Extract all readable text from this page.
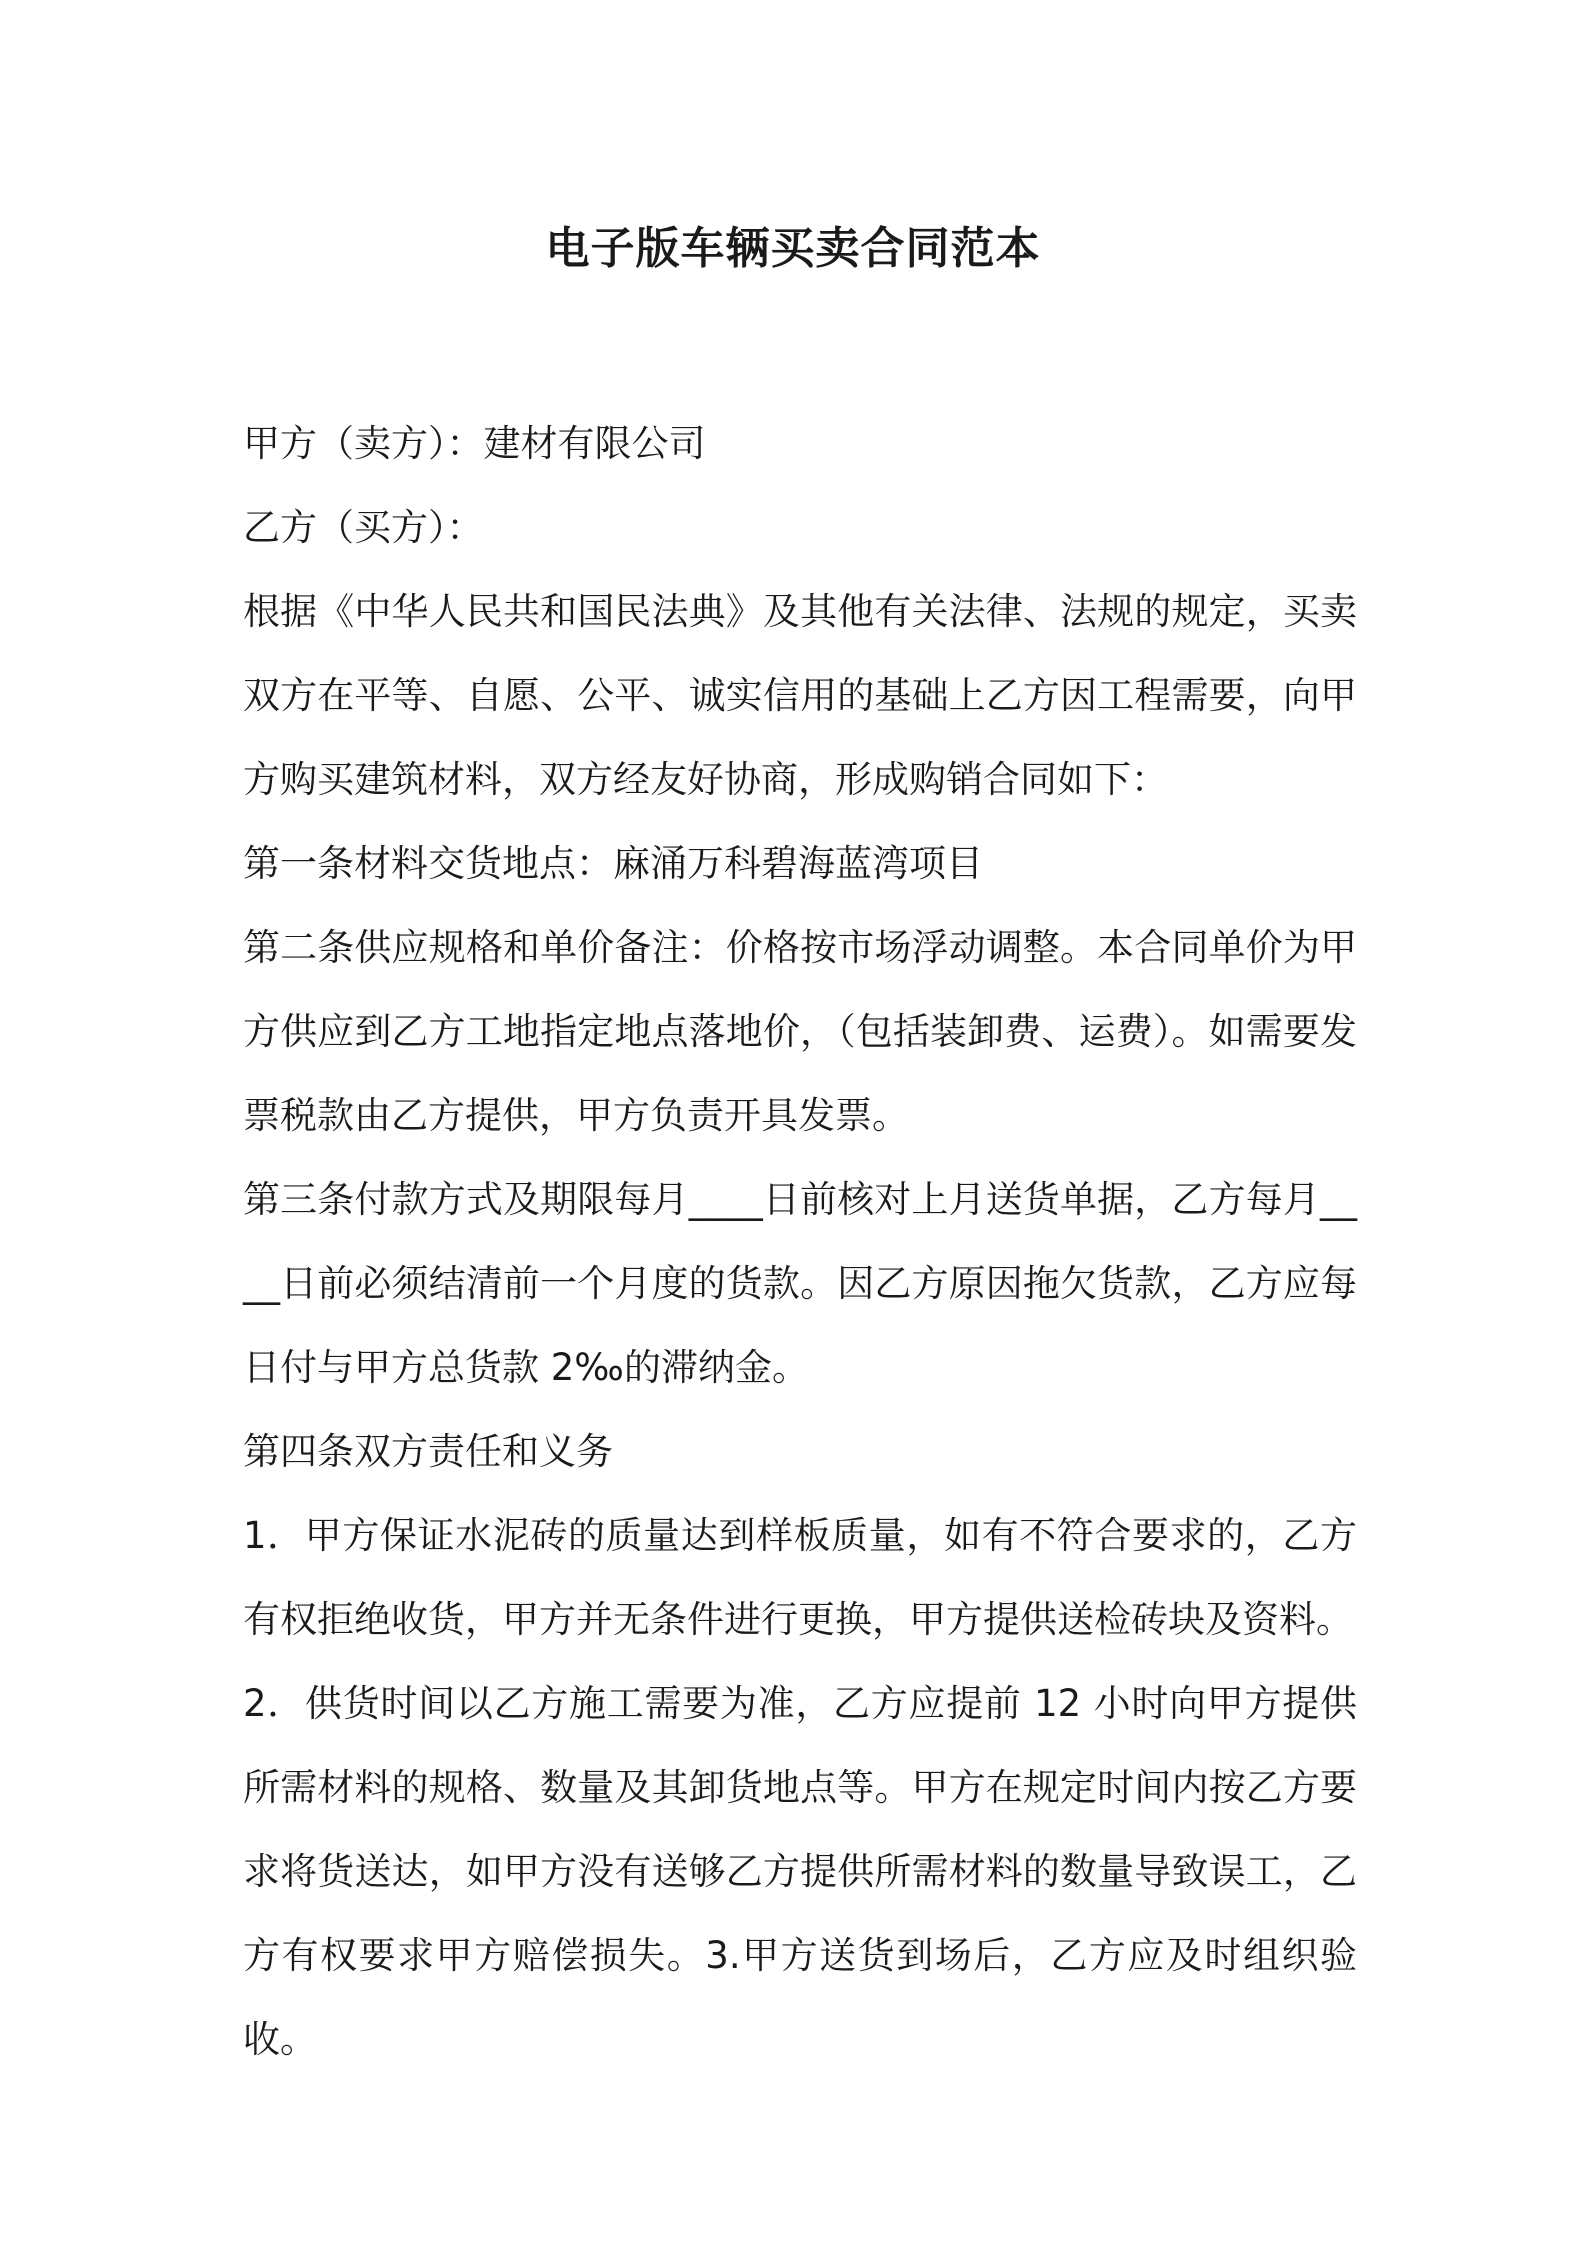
电子版车辆买卖合同范本

甲方（卖方）：建材有限公司

乙方（买方）：

根据《中华人民共和国民法典》及其他有关法律、法规的规定，买卖双方在平等、自愿、公平、诚实信用的基础上乙方因工程需要，向甲方购买建筑材料，双方经友好协商，形成购销合同如下：

第一条材料交货地点：麻涌万科碧海蓝湾项目

第二条供应规格和单价备注：价格按市场浮动调整。本合同单价为甲方供应到乙方工地指定地点落地价，（包括装卸费、运费）。如需要发票税款由乙方提供，甲方负责开具发票。

第三条付款方式及期限每月____日前核对上月送货单据，乙方每月____日前必须结清前一个月度的货款。因乙方原因拖欠货款，乙方应每日付与甲方总货款 2‰的滞纳金。

第四条双方责任和义务

1．甲方保证水泥砖的质量达到样板质量，如有不符合要求的，乙方有权拒绝收货，甲方并无条件进行更换，甲方提供送检砖块及资料。

2．供货时间以乙方施工需要为准，乙方应提前 12 小时向甲方提供所需材料的规格、数量及其卸货地点等。甲方在规定时间内按乙方要求将货送达，如甲方没有送够乙方提供所需材料的数量导致误工，乙方有权要求甲方赔偿损失。3.甲方送货到场后，乙方应及时组织验收。
